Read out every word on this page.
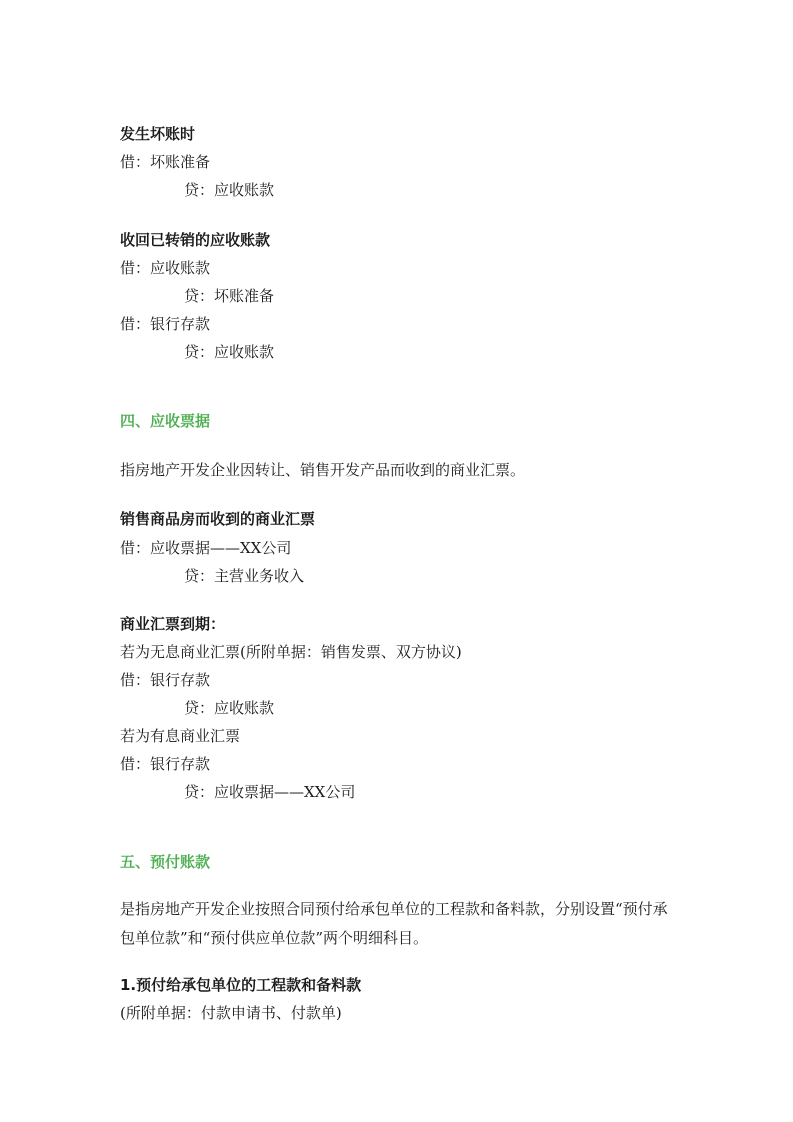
发生坏账时
借：坏账准备
贷：应收账款
收回已转销的应收账款
借：应收账款
贷：坏账准备
借：银行存款
贷：应收账款
四、应收票据
指房地产开发企业因转让、销售开发产品而收到的商业汇票。
销售商品房而收到的商业汇票
借：应收票据——XX公司
贷：主营业务收入
商业汇票到期：
若为无息商业汇票(所附单据：销售发票、双方协议)
借：银行存款
贷：应收账款
若为有息商业汇票
借：银行存款
贷：应收票据——XX公司
五、预付账款
是指房地产开发企业按照合同预付给承包单位的工程款和备料款，分别设置“预付承包单位款”和“预付供应单位款”两个明细科目。
1.预付给承包单位的工程款和备料款
(所附单据：付款申请书、付款单)
